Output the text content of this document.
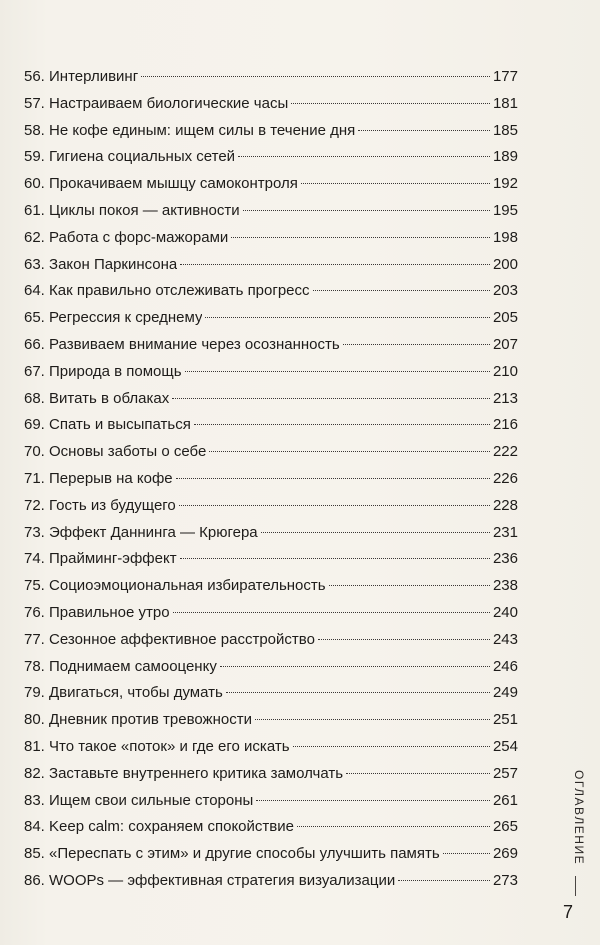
56. Интерливинг	177
57. Настраиваем биологические часы	181
58. Не кофе единым: ищем силы в течение дня	185
59. Гигиена социальных сетей	189
60. Прокачиваем мышцу самоконтроля	192
61. Циклы покоя — активности	195
62. Работа с форс-мажорами	198
63. Закон Паркинсона	200
64. Как правильно отслеживать прогресс	203
65. Регрессия к среднему	205
66. Развиваем внимание через осознанность	207
67. Природа в помощь	210
68. Витать в облаках	213
69. Спать и высыпаться	216
70. Основы заботы о себе	222
71. Перерыв на кофе	226
72. Гость из будущего	228
73. Эффект Даннинга — Крюгера	231
74. Прайминг-эффект	236
75. Социоэмоциональная избирательность	238
76. Правильное утро	240
77. Сезонное аффективное расстройство	243
78. Поднимаем самооценку	246
79. Двигаться, чтобы думать	249
80. Дневник против тревожности	251
81. Что такое «поток» и где его искать	254
82. Заставьте внутреннего критика замолчать	257
83. Ищем свои сильные стороны	261
84. Keep calm: сохраняем спокойствие	265
85. «Переспать с этим» и другие способы улучшить память	269
86. WOOPs — эффективная стратегия визуализации	273
ОГЛАВЛЕНИЕ
7
